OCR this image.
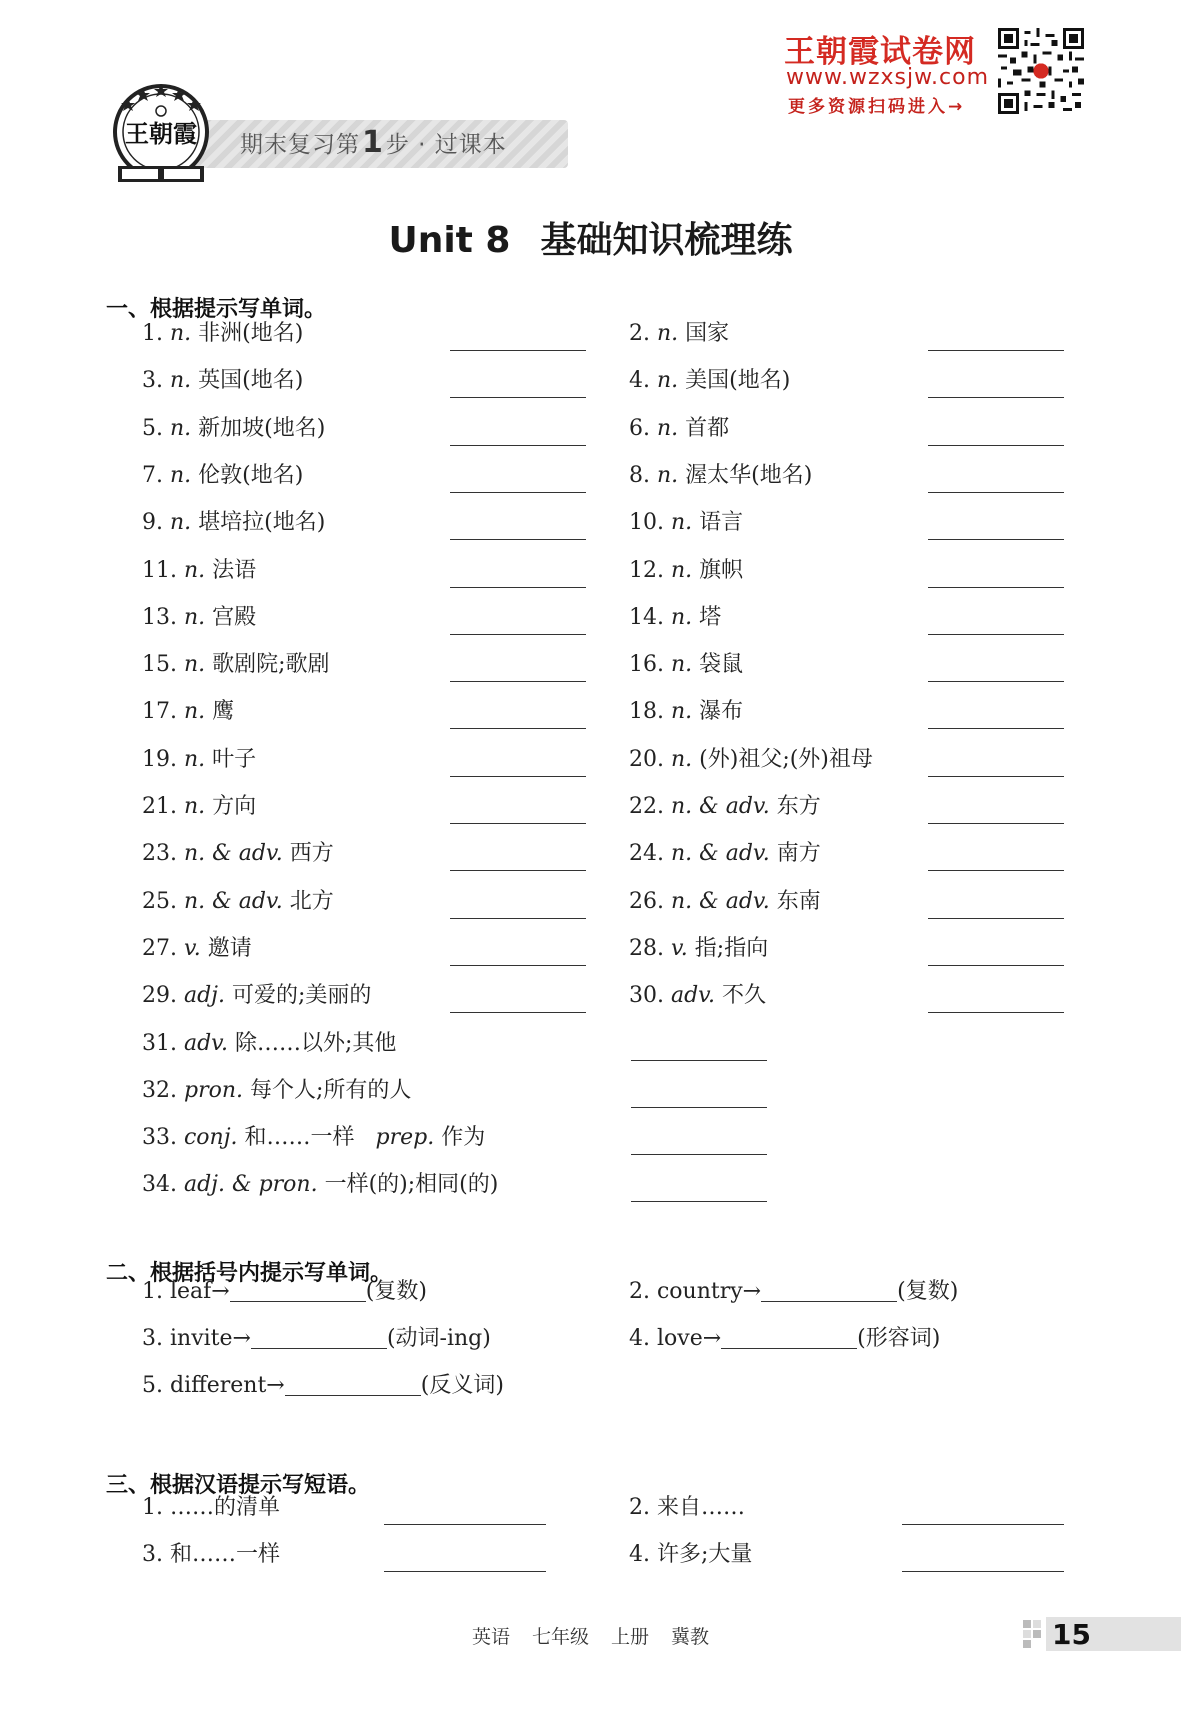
期末复习第1步 · 过课本
王朝霞
王朝霞试卷网
www.wzxsjw.com
更多资源扫码进入→
Unit 8 基础知识梳理练
一、根据提示写单词。
1. n. 非洲(地名)	2. n. 国家
3. n. 英国(地名)	4. n. 美国(地名)
5. n. 新加坡(地名)	6. n. 首都
7. n. 伦敦(地名)	8. n. 渥太华(地名)
9. n. 堪培拉(地名)	10. n. 语言
11. n. 法语	12. n. 旗帜
13. n. 宫殿	14. n. 塔
15. n. 歌剧院;歌剧	16. n. 袋鼠
17. n. 鹰	18. n. 瀑布
19. n. 叶子	20. n. (外)祖父;(外)祖母
21. n. 方向	22. n. & adv. 东方
23. n. & adv. 西方	24. n. & adv. 南方
25. n. & adv. 北方	26. n. & adv. 东南
27. v. 邀请	28. v. 指;指向
29. adj. 可爱的;美丽的	30. adv. 不久
31. adv. 除……以外;其他
32. pron. 每个人;所有的人
33. conj. 和……一样 prep. 作为
34. adj. & pron. 一样(的);相同(的)
二、根据括号内提示写单词。
1. leaf→	(复数)	2. country→	(复数)
3. invite→	(动词-ing)	4. love→	(形容词)
5. different→	(反义词)
三、根据汉语提示写短语。
1. ……的清单	2. 来自……
3. 和……一样	4. 许多;大量
英语 七年级 上册 冀教	15
